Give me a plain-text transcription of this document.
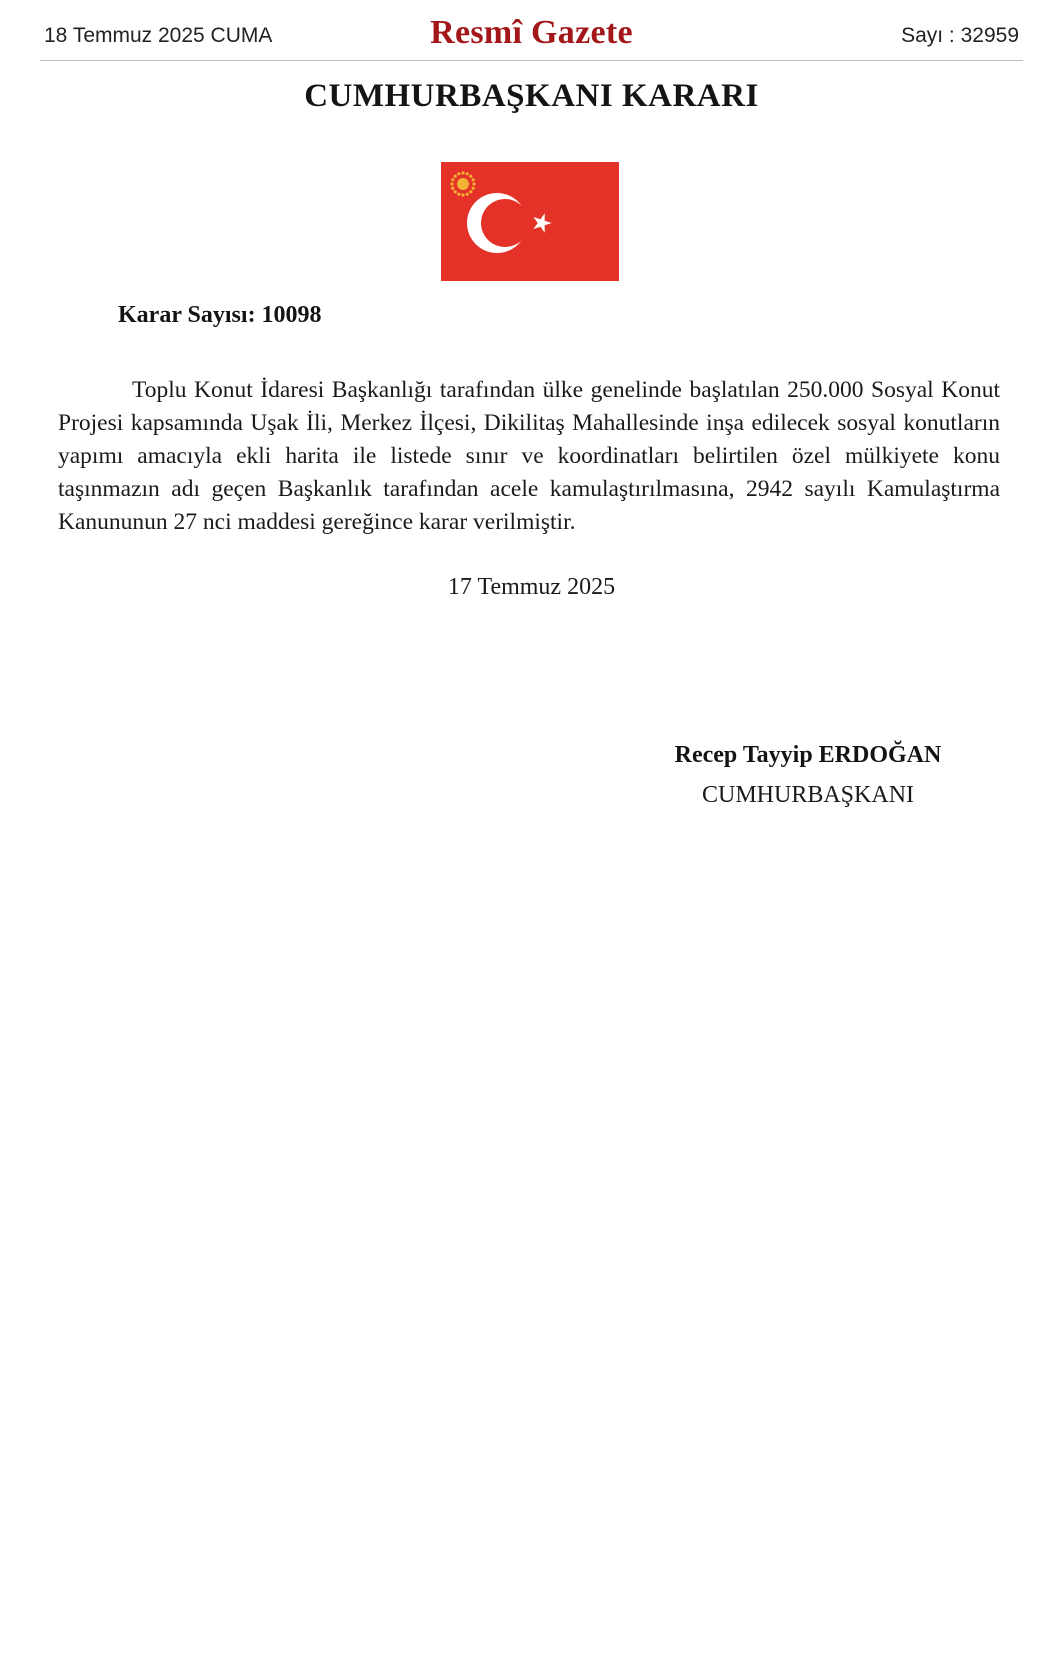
18 Temmuz 2025 CUMA	Resmî Gazete	Sayı : 32959
CUMHURBAŞKANI KARARI
Karar Sayısı: 10098

Toplu Konut İdaresi Başkanlığı tarafından ülke genelinde başlatılan 250.000 Sosyal Konut Projesi kapsamında Uşak İli, Merkez İlçesi, Dikilitaş Mahallesinde inşa edilecek sosyal konutların yapımı amacıyla ekli harita ile listede sınır ve koordinatları belirtilen özel mülkiyete konu taşınmazın adı geçen Başkanlık tarafından acele kamulaştırılmasına, 2942 sayılı Kamulaştırma Kanununun 27 nci maddesi gereğince karar verilmiştir.

17 Temmuz 2025
Recep Tayyip ERDOĞAN
CUMHURBAŞKANI
